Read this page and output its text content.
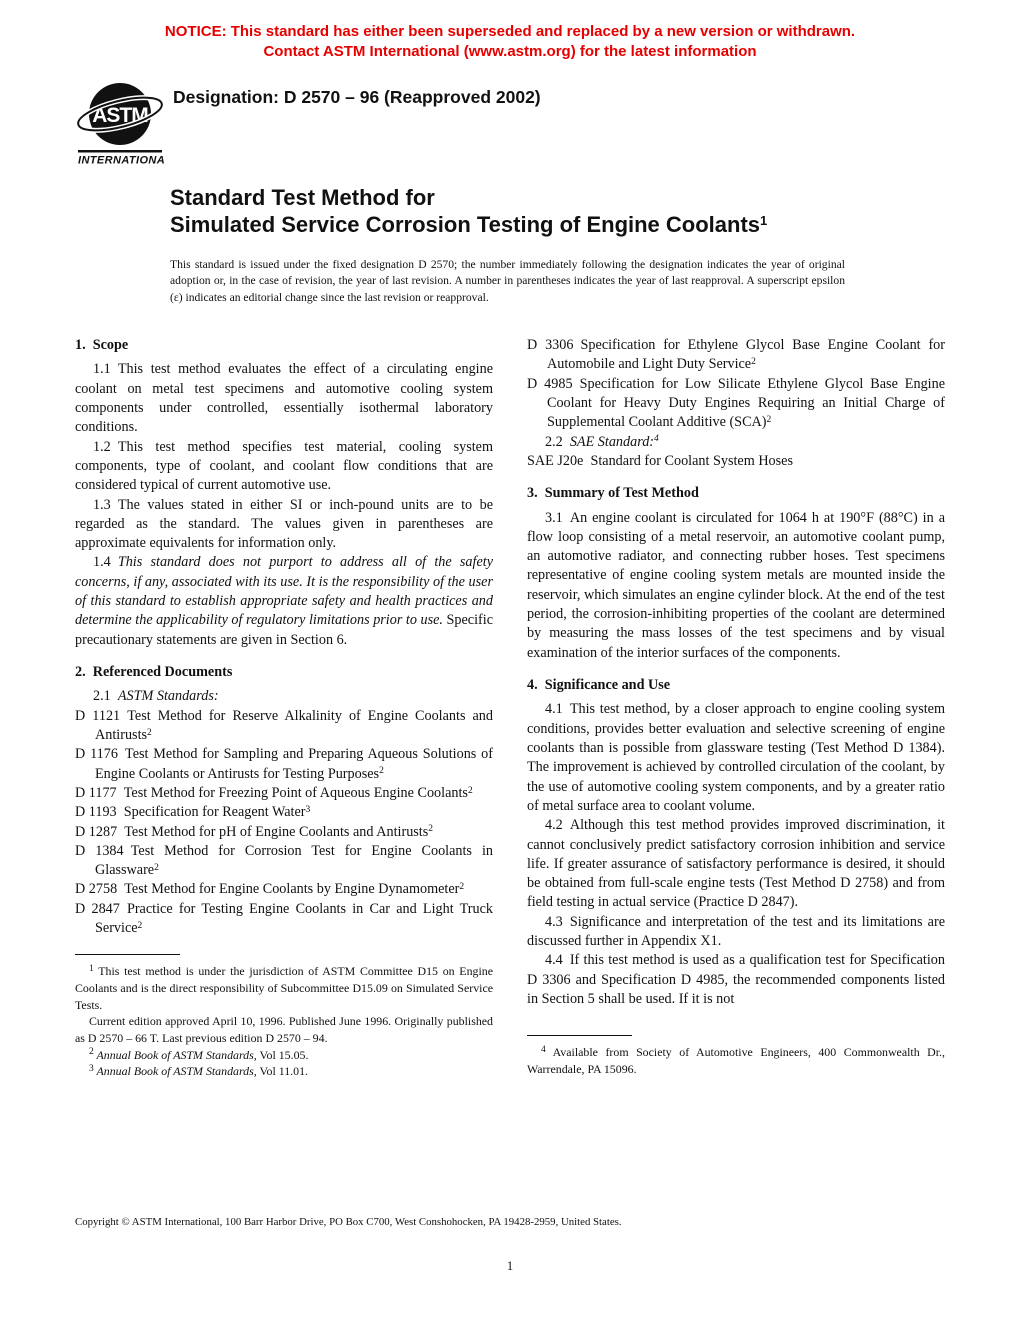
NOTICE: This standard has either been superseded and replaced by a new version or withdrawn.
Contact ASTM International (www.astm.org) for the latest information
ASTM
INTERNATIONAL
Designation: D 2570 – 96 (Reapproved 2002)
Standard Test Method for
Simulated Service Corrosion Testing of Engine Coolants$^1$
This standard is issued under the fixed designation D 2570; the number immediately following the designation indicates the year of original adoption or, in the case of revision, the year of last revision. A number in parentheses indicates the year of last reapproval. A superscript epsilon (ε) indicates an editorial change since the last revision or reapproval.
1. Scope

1.1 This test method evaluates the effect of a circulating engine coolant on metal test specimens and automotive cooling system components under controlled, essentially isothermal laboratory conditions.

1.2 This test method specifies test material, cooling system components, type of coolant, and coolant flow conditions that are considered typical of current automotive use.

1.3 The values stated in either SI or inch-pound units are to be regarded as the standard. The values given in parentheses are approximate equivalents for information only.

1.4 This standard does not purport to address all of the safety concerns, if any, associated with its use. It is the responsibility of the user of this standard to establish appropriate safety and health practices and determine the applicability of regulatory limitations prior to use. Specific precautionary statements are given in Section 6.

2. Referenced Documents

2.1 ASTM Standards:

D 1121 Test Method for Reserve Alkalinity of Engine Coolants and Antirusts$^2$

D 1176 Test Method for Sampling and Preparing Aqueous Solutions of Engine Coolants or Antirusts for Testing Purposes$^2$

D 1177 Test Method for Freezing Point of Aqueous Engine Coolants$^2$

D 1193 Specification for Reagent Water$^3$

D 1287 Test Method for pH of Engine Coolants and Antirusts$^2$

D 1384 Test Method for Corrosion Test for Engine Coolants in Glassware$^2$

D 2758 Test Method for Engine Coolants by Engine Dynamometer$^2$

D 2847 Practice for Testing Engine Coolants in Car and Light Truck Service$^2$

$^1$ This test method is under the jurisdiction of ASTM Committee D15 on Engine Coolants and is the direct responsibility of Subcommittee D15.09 on Simulated Service Tests.

Current edition approved April 10, 1996. Published June 1996. Originally published as D 2570 – 66 T. Last previous edition D 2570 – 94.

$^2$ Annual Book of ASTM Standards, Vol 15.05.

$^3$ Annual Book of ASTM Standards, Vol 11.01.

D 3306 Specification for Ethylene Glycol Base Engine Coolant for Automobile and Light Duty Service$^2$

D 4985 Specification for Low Silicate Ethylene Glycol Base Engine Coolant for Heavy Duty Engines Requiring an Initial Charge of Supplemental Coolant Additive (SCA)$^2$

2.2 SAE Standard:$^4$

SAE J20e Standard for Coolant System Hoses

3. Summary of Test Method

3.1 An engine coolant is circulated for 1064 h at 190°F (88°C) in a flow loop consisting of a metal reservoir, an automotive coolant pump, an automotive radiator, and connecting rubber hoses. Test specimens representative of engine cooling system metals are mounted inside the reservoir, which simulates an engine cylinder block. At the end of the test period, the corrosion-inhibiting properties of the coolant are determined by measuring the mass losses of the test specimens and by visual examination of the interior surfaces of the components.

4. Significance and Use

4.1 This test method, by a closer approach to engine cooling system conditions, provides better evaluation and selective screening of engine coolants than is possible from glassware testing (Test Method D 1384). The improvement is achieved by controlled circulation of the coolant, by the use of automotive cooling system components, and by a greater ratio of metal surface area to coolant volume.

4.2 Although this test method provides improved discrimination, it cannot conclusively predict satisfactory corrosion inhibition and service life. If greater assurance of satisfactory performance is desired, it should be obtained from full-scale engine tests (Test Method D 2758) and from field testing in actual service (Practice D 2847).

4.3 Significance and interpretation of the test and its limitations are discussed further in Appendix X1.

4.4 If this test method is used as a qualification test for Specification D 3306 and Specification D 4985, the recommended components listed in Section 5 shall be used. If it is not

$^4$ Available from Society of Automotive Engineers, 400 Commonwealth Dr., Warrendale, PA 15096.

Copyright © ASTM International, 100 Barr Harbor Drive, PO Box C700, West Conshohocken, PA 19428-2959, United States.
1
